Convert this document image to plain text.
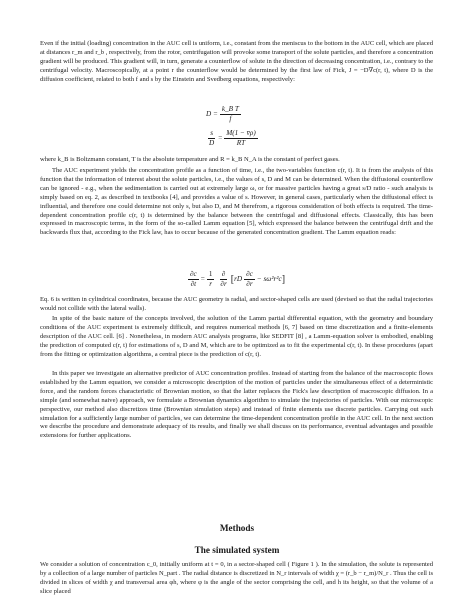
Even if the initial (loading) concentration in the AUC cell is uniform, i.e., constant from the meniscus to the bottom in the AUC cell, which are placed at distances r_m and r_b , respectively, from the rotor, centrifugation will provoke some transport of the solute particles, and therefore a concentration gradient will be produced. This gradient will, in turn, generate a counterflow of solute in the direction of decreasing concentration, i.e., contrary to the centrifugal velocity. Macroscopically, at a point r the counterflow would be determined by the first law of Fick, J = −D∇c(r, t), where D is the diffusion coefficient, related to both f and s by the Einstein and Svedberg equations, respectively:

$D = \frac{\text{k\_B T}}{f}$
$\frac{s}{D} = \frac{M(1 - v̄\rho)}{RT}$

where k_B is Boltzmann constant, T is the absolute temperature and R = k_B N_A is the constant of perfect gases.

The AUC experiment yields the concentration profile as a function of time, i.e., the two-variables function c(r, t). It is from the analysis of this function that the information of interest about the solute particles, i.e., the values of s, D and M can be determined. When the diffusional counterflow can be ignored - e.g., when the sedimentation is carried out at extremely large ω, or for massive particles having a great s/D ratio - such analysis is simply based on eq. 2, as described in textbooks [4], and provides a value of s. However, in general cases, particularly when the diffusional effect is influential, and therefore one could determine not only s, but also D, and M therefrom, a rigorous consideration of both effects is required. The time-dependent concentration profile c(r, t) is determined by the balance between the centrifugal and diffusional effects. Classically, this has been expressed in macroscopic terms, in the form of the so-called Lamm equation [5], which expressed the balance between the centrifugal drift and the backwards flux that, according to the Fick law, has to occur because of the generated concentration gradient. The Lamm equation reads:

$\frac{\partial c}{\partial t} = \frac{1}{r} \frac{\partial}{\partial r}$ [ rD $\frac{\partial c}{\partial r} - s\omega^2r^2c$ ]

Eq. 6 is written in cylindrical coordinates, because the AUC geometry is radial, and sector-shaped cells are used (devised so that the radial trajectories would not collide with the lateral walls).

In spite of the basic nature of the concepts involved, the solution of the Lamm partial differential equation, with the geometry and boundary conditions of the AUC experiment is extremely difficult, and requires numerical methods [6, 7] based on time discretization and a finite-elements description of the AUC cell. [6] . Nonetheless, in modern AUC analysis programs, like SEDFIT [8] , a Lamm-equation solver is embodied, enabling the prediction of computed c(r, t) for estimations of s, D and M, which are to be optimized as to fit the experimental c(r, t). In these procedures (apart from the fitting or optimization algorithms, a central piece is the prediction of c(r, t).

In this paper we investigate an alternative predictor of AUC concentration profiles. Instead of starting from the balance of the macroscopic flows established by the Lamm equation, we consider a microscopic description of the motion of particles under the simultaneous effect of a deterministic force, and the random forces characteristic of Brownian motion, so that the latter replaces the Fick's law description of macroscopic diffusion. In a simple (and somewhat naive) approach, we formulate a Brownian dynamics algorithm to simulate the trajectories of particles. With our microscopic perspective, our method also discretizes time (Brownian simulation steps) and instead of finite elements use discrete particles. Carrying out such simulation for a sufficiently large number of particles, we can determine the time-dependent concentration profile in the AUC cell. In the next section we describe the procedure and demonstrate adequacy of its results, and finally we shall discuss on its performance, eventual advantages and possible extensions for further applications.

Methods
The simulated system

We consider a solution of concentration c_0, initially uniform at t = 0, in a sector-shaped cell ( Figure 1 ). In the simulation, the solute is represented by a collection of a large number of particles N_part . The radial distance is discretized in N_r intervals of width χ = (r_b − r_m)/N_r . Thus the cell is divided in slices of width χ and transversal area φh, where φ is the angle of the sector comprising the cell, and h its height, so that the volume of a slice placed
